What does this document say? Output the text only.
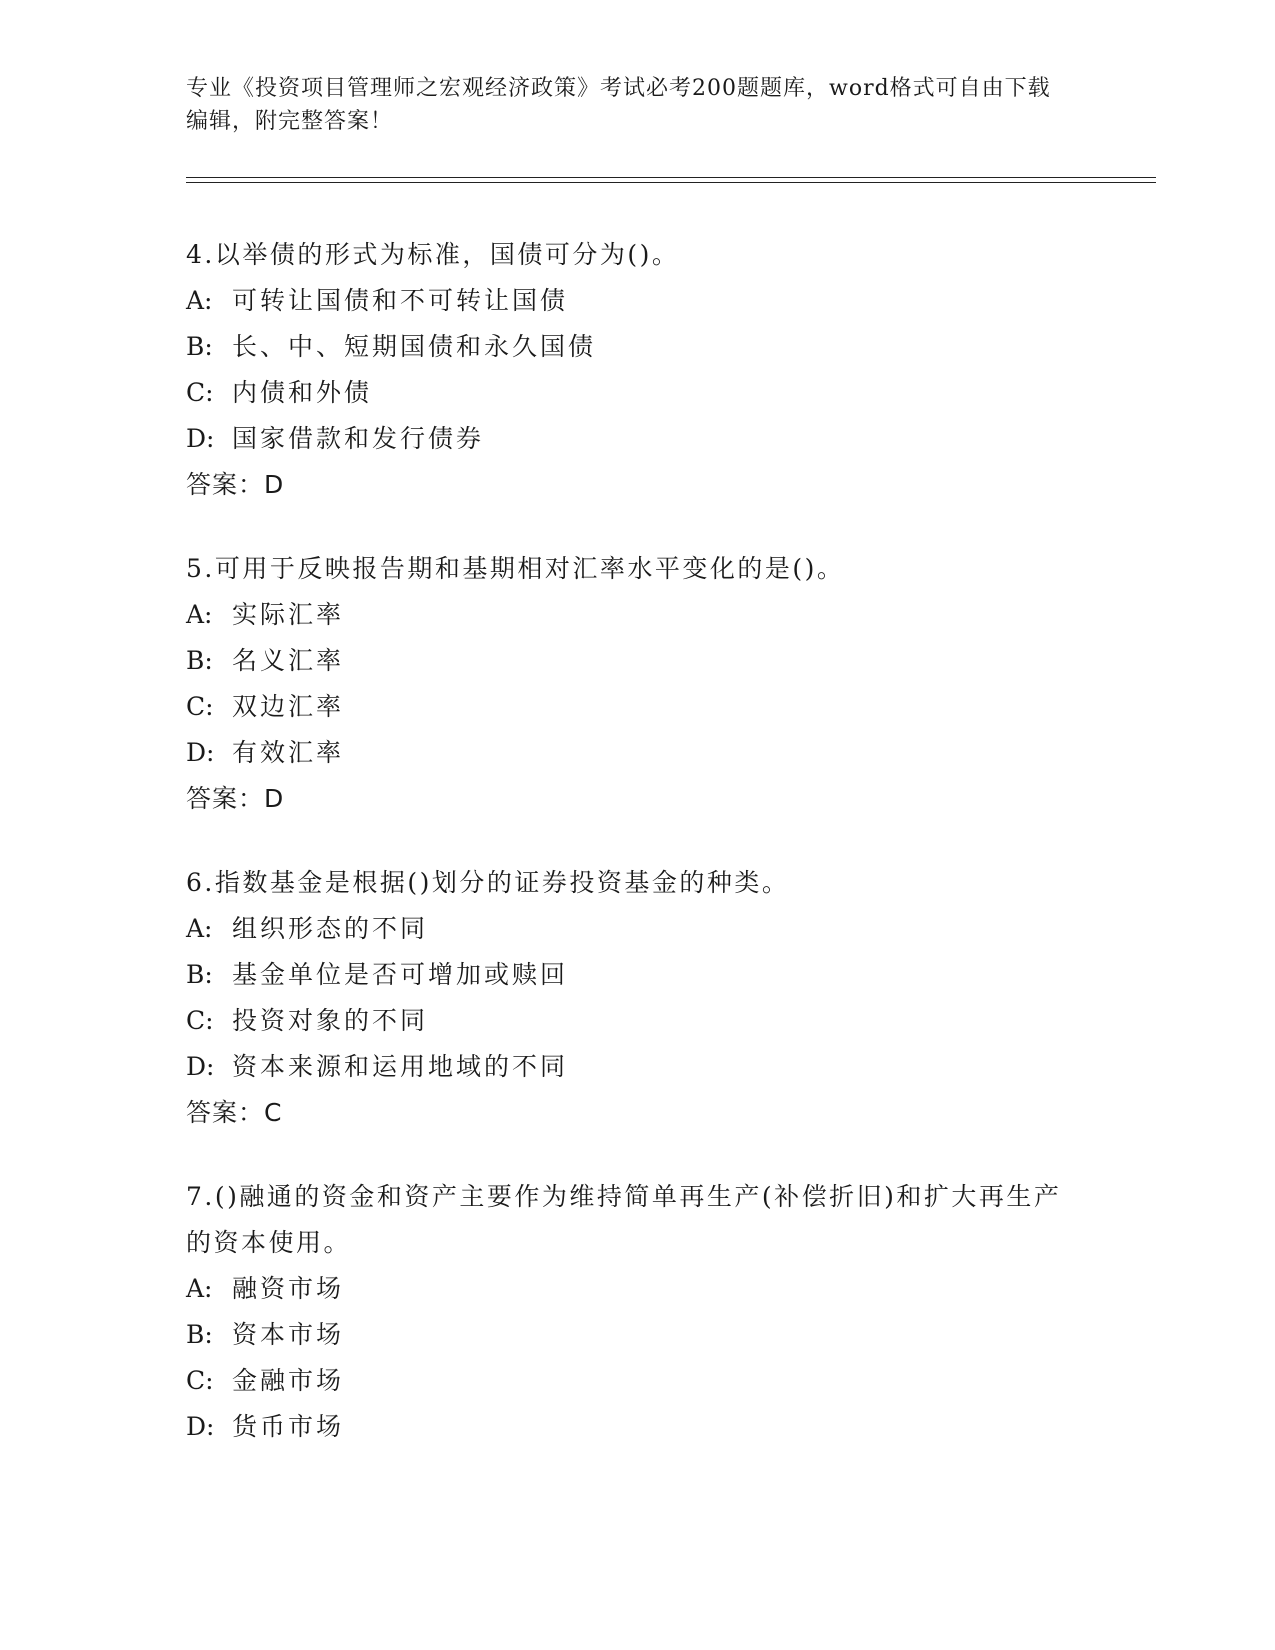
专业《投资项目管理师之宏观经济政策》考试必考200题题库，word格式可自由下载编辑，附完整答案！
4.以举债的形式为标准，国债可分为()。
A: 可转让国债和不可转让国债
B: 长、中、短期国债和永久国债
C: 内债和外债
D: 国家借款和发行债券
答案：D
5.可用于反映报告期和基期相对汇率水平变化的是()。
A: 实际汇率
B: 名义汇率
C: 双边汇率
D: 有效汇率
答案：D
6.指数基金是根据()划分的证券投资基金的种类。
A: 组织形态的不同
B: 基金单位是否可增加或赎回
C: 投资对象的不同
D: 资本来源和运用地域的不同
答案：C
7.()融通的资金和资产主要作为维持简单再生产(补偿折旧)和扩大再生产的资本使用。
A: 融资市场
B: 资本市场
C: 金融市场
D: 货币市场
